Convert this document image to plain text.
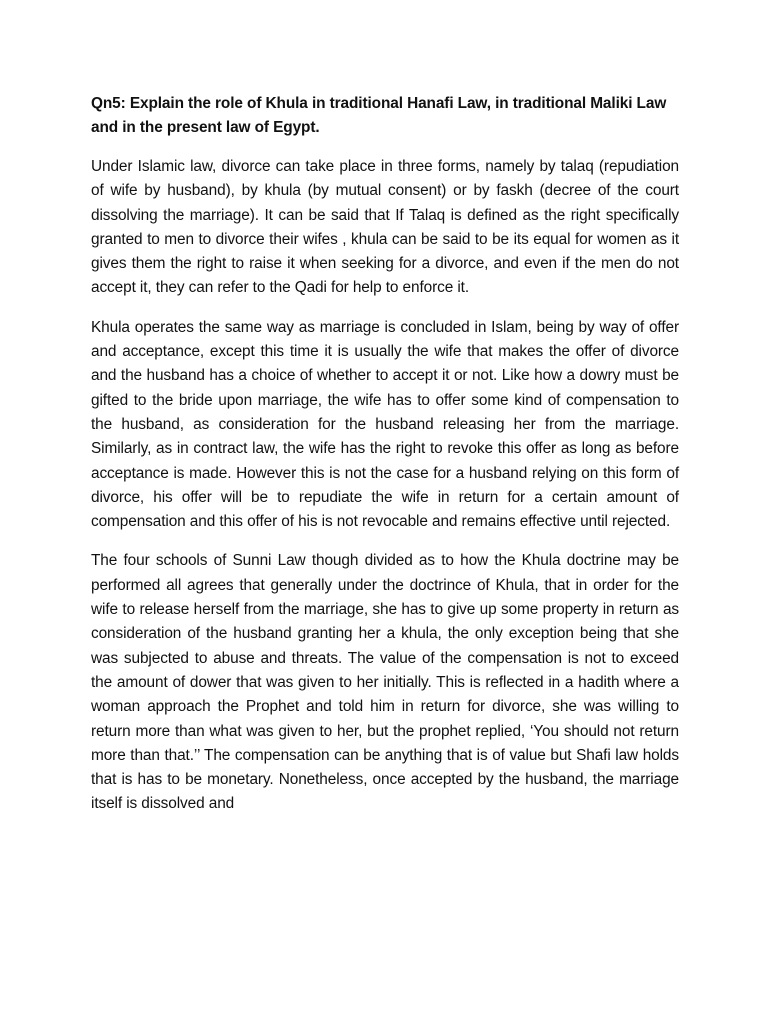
Qn5: Explain the role of Khula in traditional Hanafi Law, in traditional Maliki Law and in the present law of Egypt.

Under Islamic law, divorce can take place in three forms, namely by talaq (repudiation of wife by husband), by khula (by mutual consent) or by faskh (decree of the court dissolving the marriage). It can be said that If Talaq is defined as the right specifically granted to men to divorce their wifes , khula can be said to be its equal for women as it gives them the right to raise it when seeking for a divorce, and even if the men do not accept it, they can refer to the Qadi for help to enforce it.

Khula operates the same way as marriage is concluded in Islam, being by way of offer and acceptance, except this time it is usually the wife that makes the offer of divorce and the husband has a choice of whether to accept it or not. Like how a dowry must be gifted to the bride upon marriage, the wife has to offer some kind of compensation to the husband, as consideration for the husband releasing her from the marriage. Similarly, as in contract law, the wife has the right to revoke this offer as long as before acceptance is made. However this is not the case for a husband relying on this form of divorce, his offer will be to repudiate the wife in return for a certain amount of compensation and this offer of his is not revocable and remains effective until rejected.

The four schools of Sunni Law though divided as to how the Khula doctrine may be performed all agrees that generally under the doctrince of Khula, that in order for the wife to release herself from the marriage, she has to give up some property in return as consideration of the husband granting her a khula, the only exception being that she was subjected to abuse and threats. The value of the compensation is not to exceed the amount of dower that was given to her initially. This is reflected in a hadith where a woman approach the Prophet and told him in return for divorce, she was willing to return more than what was given to her, but the prophet replied, ‘You should not return more than that.’’ The compensation can be anything that is of value but Shafi law holds that is has to be monetary. Nonetheless, once accepted by the husband, the marriage itself is dissolved and
